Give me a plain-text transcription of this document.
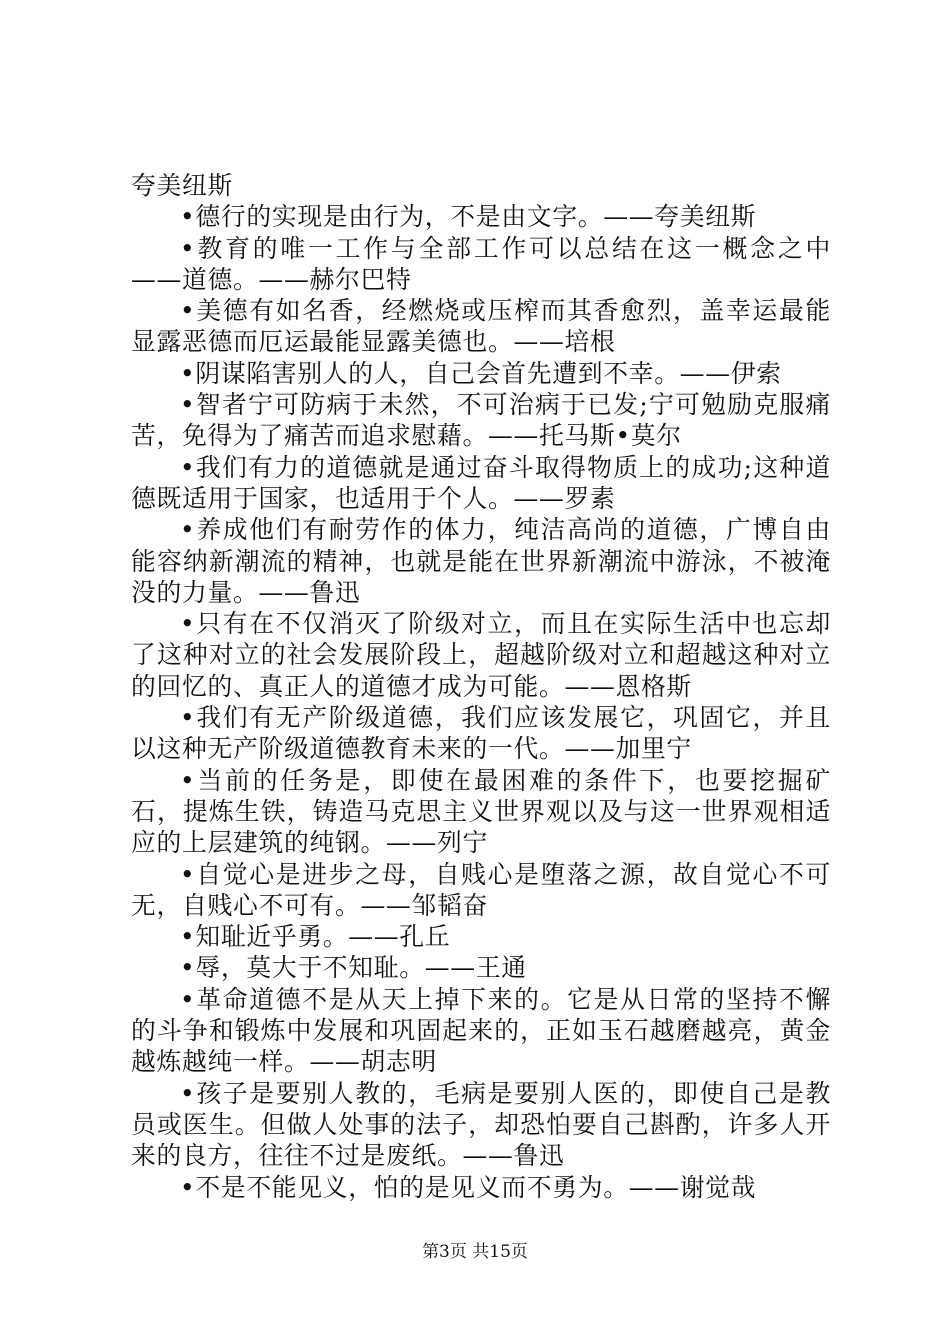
夸美纽斯

•德行的实现是由行为，不是由文字。——夸美纽斯

•教育的唯一工作与全部工作可以总结在这一概念之中——道德。——赫尔巴特

•美德有如名香，经燃烧或压榨而其香愈烈，盖幸运最能显露恶德而厄运最能显露美德也。——培根

•阴谋陷害别人的人，自己会首先遭到不幸。——伊索

•智者宁可防病于未然，不可治病于已发;宁可勉励克服痛苦，免得为了痛苦而追求慰藉。——托马斯•莫尔

•我们有力的道德就是通过奋斗取得物质上的成功;这种道德既适用于国家，也适用于个人。——罗素

•养成他们有耐劳作的体力，纯洁高尚的道德，广博自由能容纳新潮流的精神，也就是能在世界新潮流中游泳，不被淹没的力量。——鲁迅

•只有在不仅消灭了阶级对立，而且在实际生活中也忘却了这种对立的社会发展阶段上，超越阶级对立和超越这种对立的回忆的、真正人的道德才成为可能。——恩格斯

•我们有无产阶级道德，我们应该发展它，巩固它，并且以这种无产阶级道德教育未来的一代。——加里宁

•当前的任务是，即使在最困难的条件下，也要挖掘矿石，提炼生铁，铸造马克思主义世界观以及与这一世界观相适应的上层建筑的纯钢。——列宁

•自觉心是进步之母，自贱心是堕落之源，故自觉心不可无，自贱心不可有。——邹韬奋

•知耻近乎勇。——孔丘

•辱，莫大于不知耻。——王通

•革命道德不是从天上掉下来的。它是从日常的坚持不懈的斗争和锻炼中发展和巩固起来的，正如玉石越磨越亮，黄金越炼越纯一样。——胡志明

•孩子是要别人教的，毛病是要别人医的，即使自己是教员或医生。但做人处事的法子，却恐怕要自己斟酌，许多人开来的良方，往往不过是废纸。——鲁迅

•不是不能见义，怕的是见义而不勇为。——谢觉哉

第3页 共15页
